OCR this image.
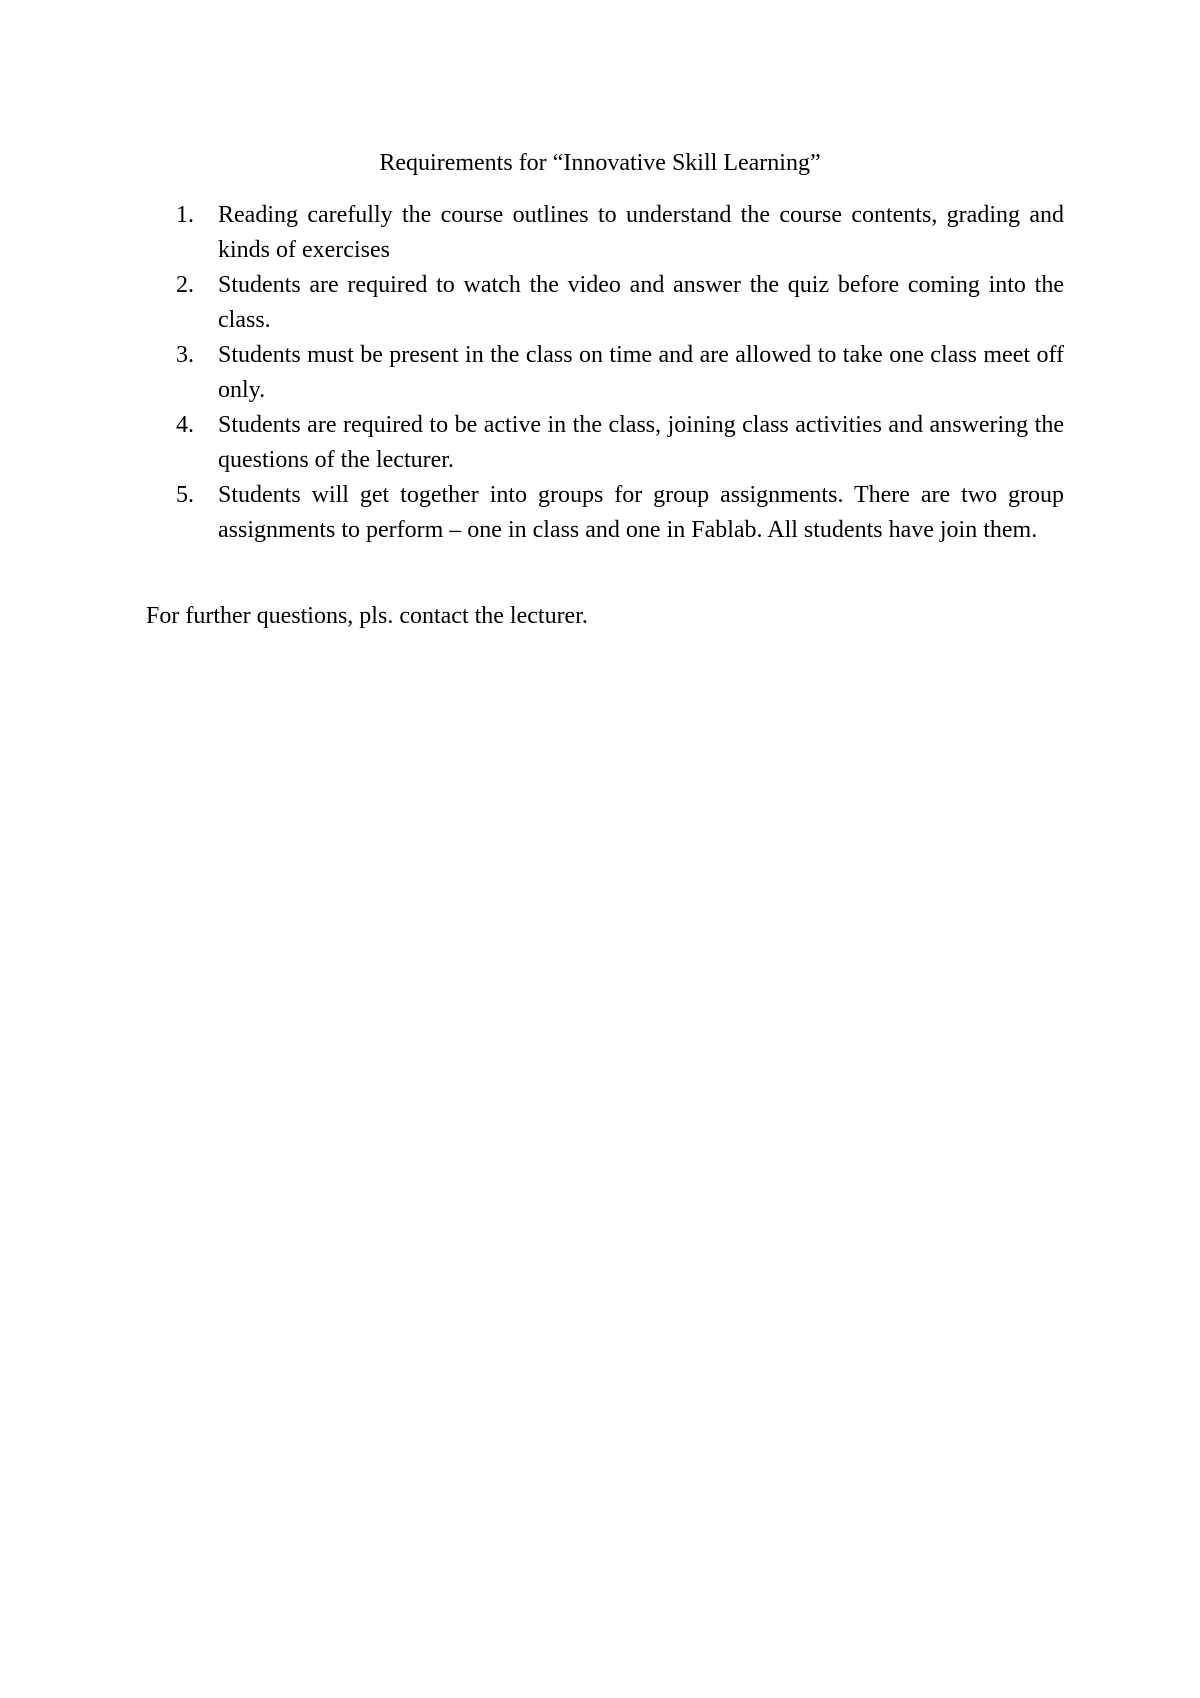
Requirements for “Innovative Skill Learning”
1.	Reading carefully the course outlines to understand the course contents, grading and kinds of exercises
2.	Students are required to watch the video and answer the quiz before coming into the class.
3.	Students must be present in the class on time and are allowed to take one class meet off only.
4.	Students are required to be active in the class, joining class activities and answering the questions of the lecturer.
5.	Students will get together into groups for group assignments. There are two group assignments to perform – one in class and one in Fablab. All students have join them.

For further questions, pls. contact the lecturer.
